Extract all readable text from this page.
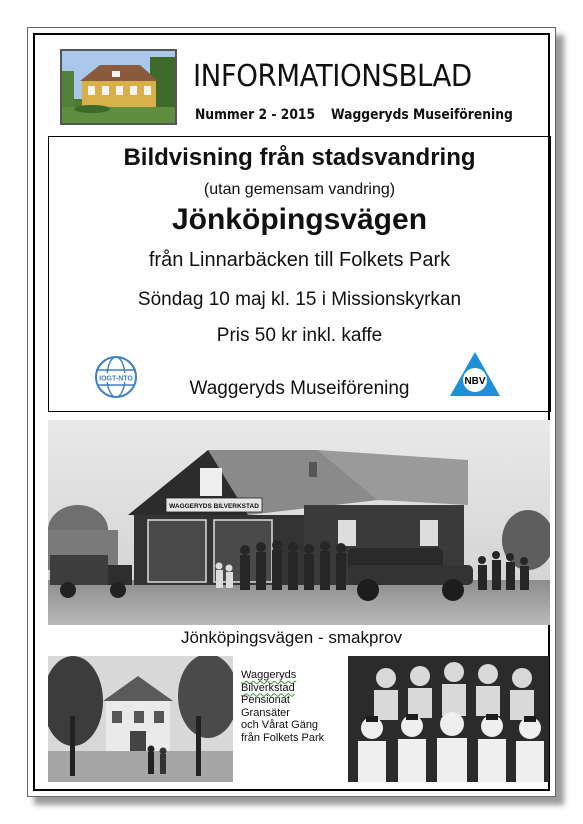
INFORMATIONSBLAD
Nummer 2 - 2015 Waggeryds Museiförening
Bildvisning från stadsvandring
(utan gemensam vandring)
Jönköpingsvägen
från Linnarbäcken till Folkets Park
Söndag 10 maj kl. 15 i Missionskyrkan
Pris 50 kr inkl. kaffe
Waggeryds Museiförening
IOGT-NTO	NBV
WAGGERYDS BILVERKSTAD
Jönköpingsvägen - smakprov
Waggeryds
Bilverkstad
Pensionat
Gransäter
och Vårat Gäng
från Folkets Park
